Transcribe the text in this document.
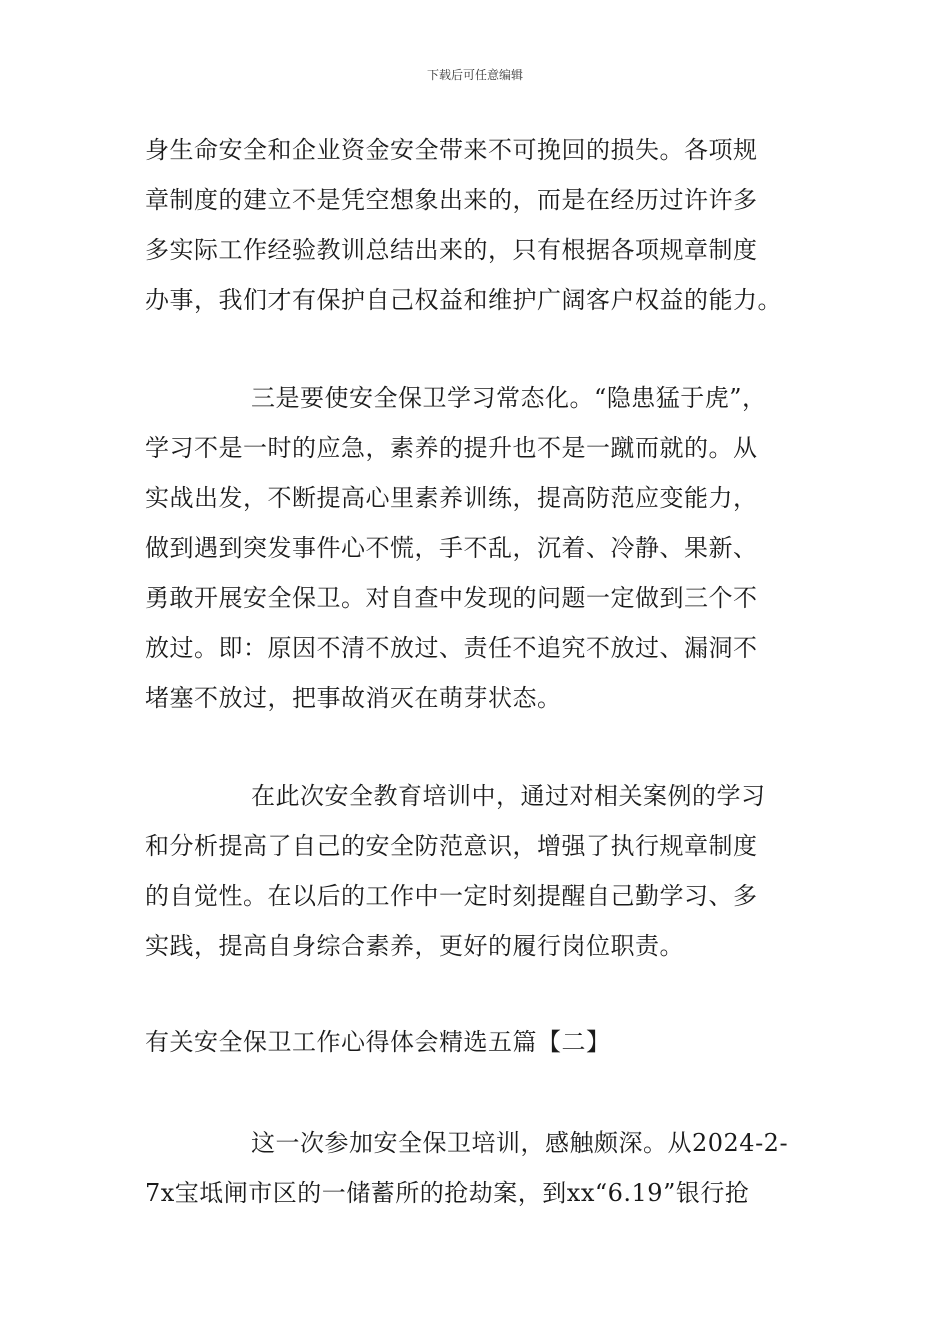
下载后可任意编辑
身生命安全和企业资金安全带来不可挽回的损失。各项规
章制度的建立不是凭空想象出来的，而是在经历过许许多
多实际工作经验教训总结出来的，只有根据各项规章制度
办事，我们才有保护自己权益和维护广阔客户权益的能力。
三是要使安全保卫学习常态化。“隐患猛于虎”，
学习不是一时的应急，素养的提升也不是一蹴而就的。从
实战出发，不断提高心里素养训练，提高防范应变能力，
做到遇到突发事件心不慌，手不乱，沉着、冷静、果新、
勇敢开展安全保卫。对自查中发现的问题一定做到三个不
放过。即：原因不清不放过、责任不追究不放过、漏洞不
堵塞不放过，把事故消灭在萌芽状态。
在此次安全教育培训中，通过对相关案例的学习
和分析提高了自己的安全防范意识，增强了执行规章制度
的自觉性。在以后的工作中一定时刻提醒自己勤学习、多
实践，提高自身综合素养，更好的履行岗位职责。
有关安全保卫工作心得体会精选五篇【二】
这一次参加安全保卫培训，感触颇深。从2024-2-
7x宝坻闸市区的一储蓄所的抢劫案，到xx“6.19”银行抢
